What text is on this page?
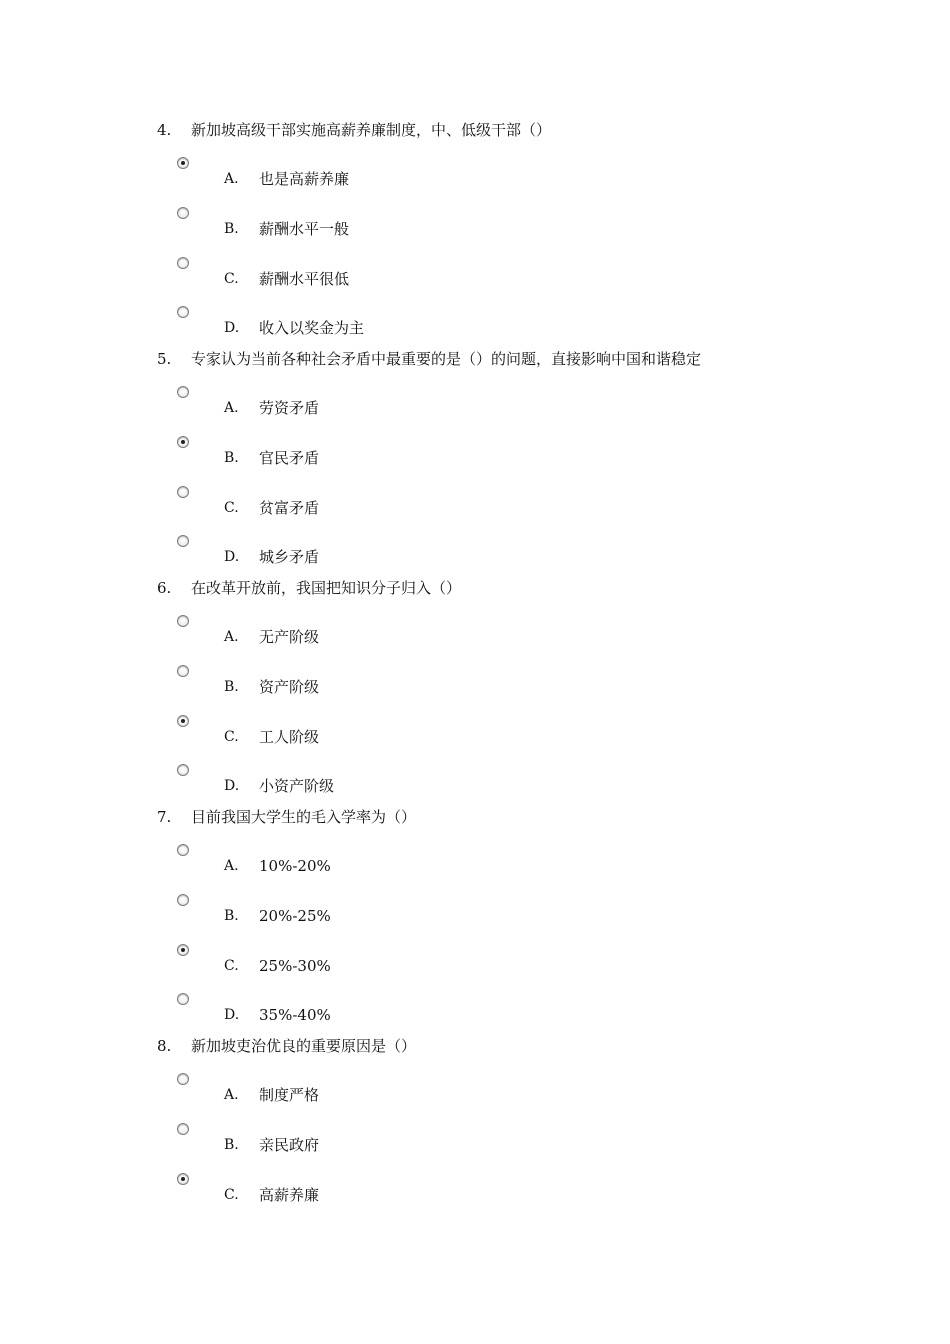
4. 新加坡高级干部实施高薪养廉制度，中、低级干部（）
A. 也是高薪养廉
B. 薪酬水平一般
C. 薪酬水平很低
D. 收入以奖金为主
5. 专家认为当前各种社会矛盾中最重要的是（）的问题，直接影响中国和谐稳定
A. 劳资矛盾
B. 官民矛盾
C. 贫富矛盾
D. 城乡矛盾
6. 在改革开放前，我国把知识分子归入（）
A. 无产阶级
B. 资产阶级
C. 工人阶级
D. 小资产阶级
7. 目前我国大学生的毛入学率为（）
A. 10%-20%
B. 20%-25%
C. 25%-30%
D. 35%-40%
8. 新加坡吏治优良的重要原因是（）
A. 制度严格
B. 亲民政府
C. 高薪养廉
